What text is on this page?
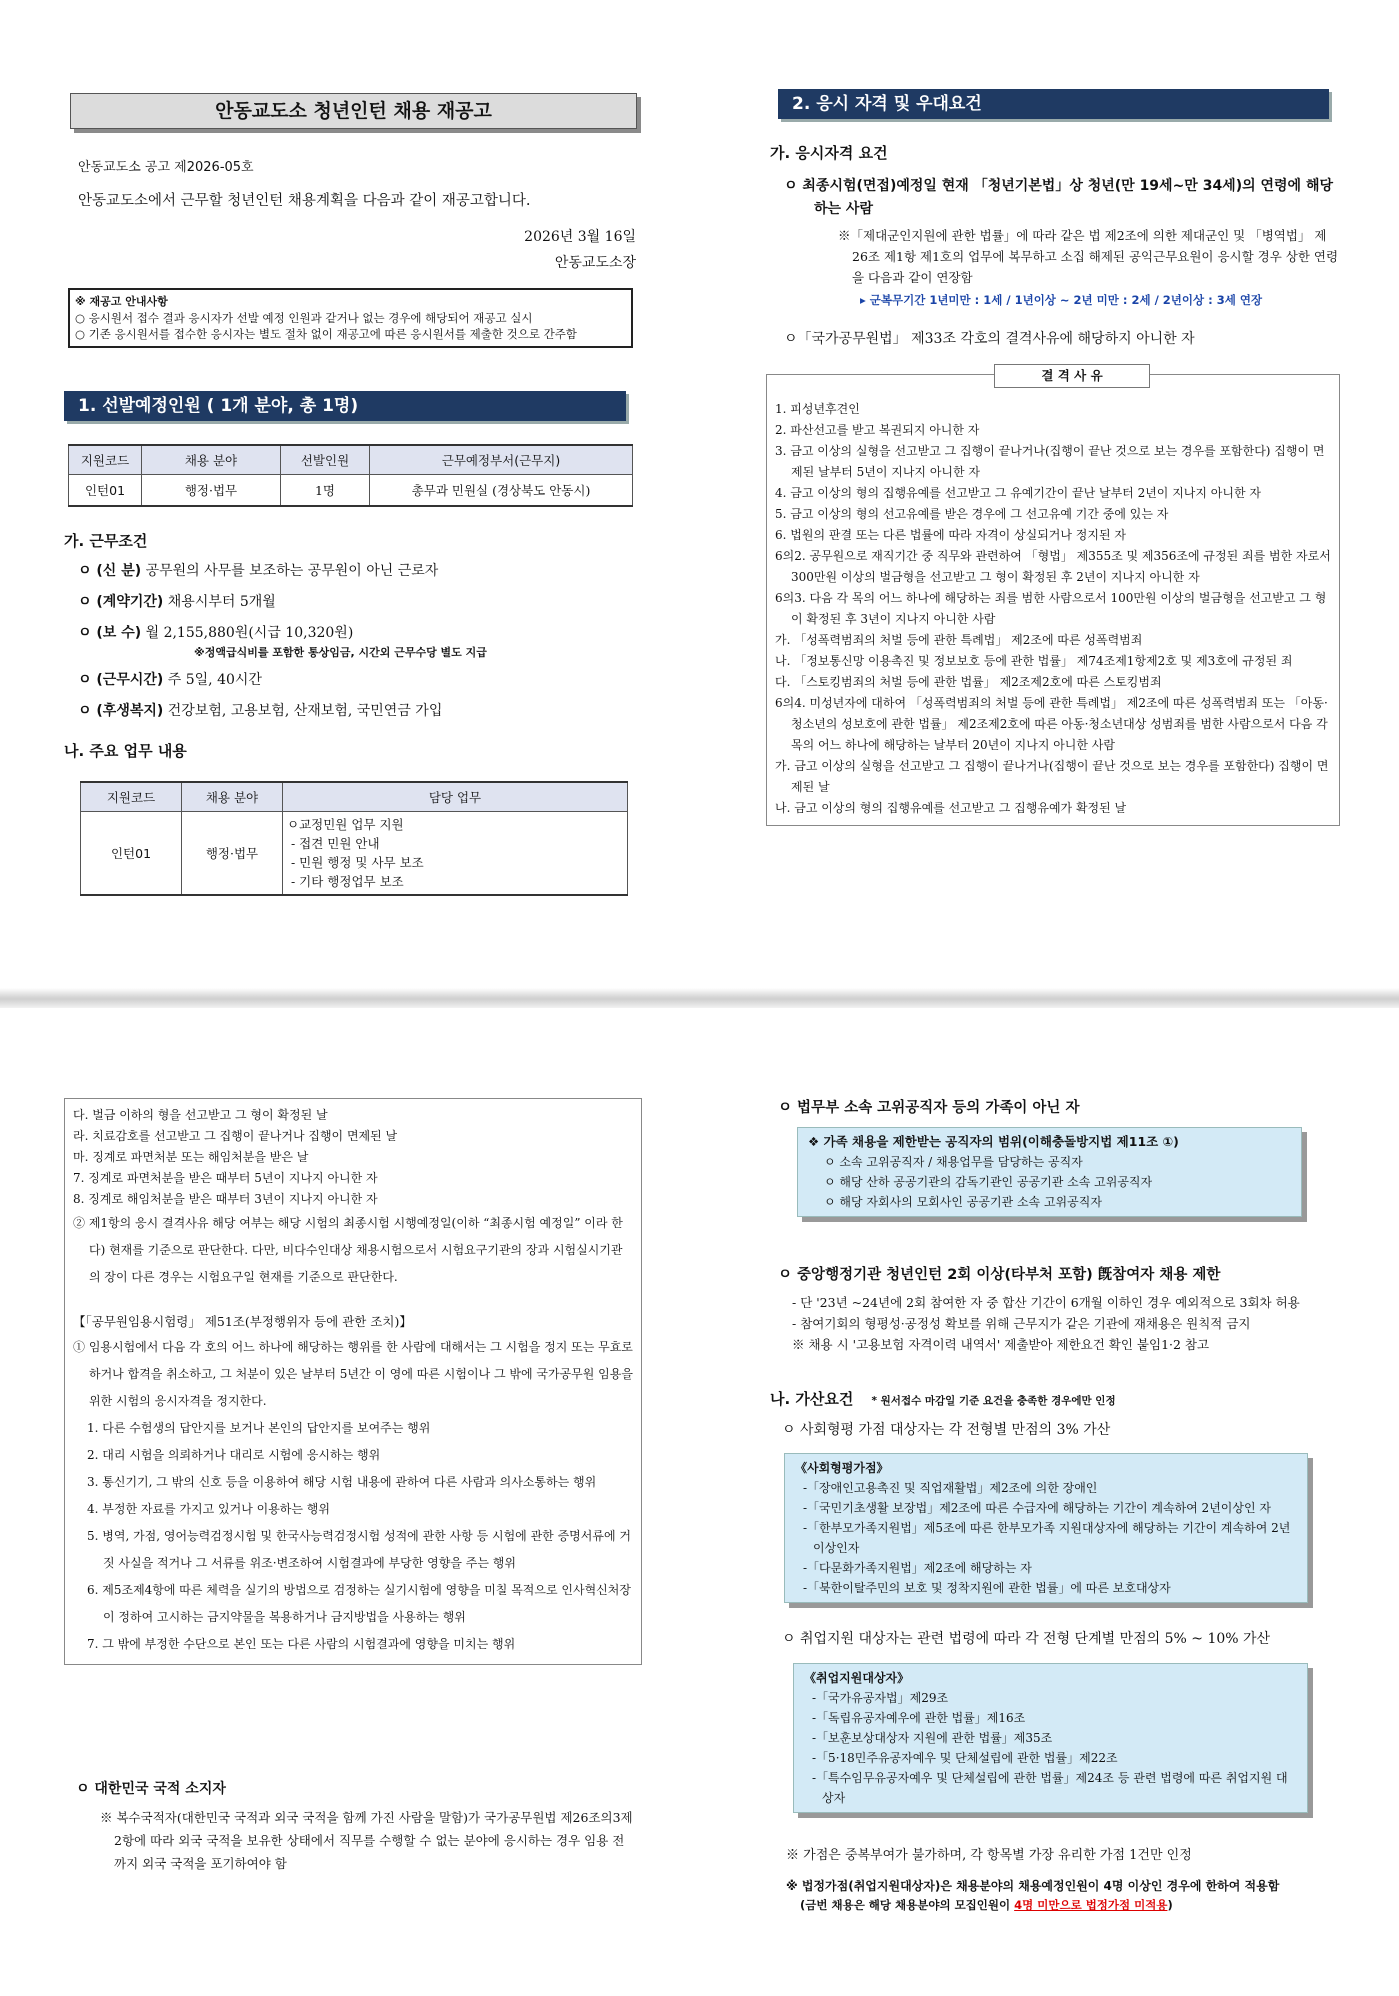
안동교도소 청년인턴 채용 재공고

안동교도소 공고 제2026-05호

안동교도소에서 근무할 청년인턴 채용계획을 다음과 같이 재공고합니다.

2026년 3월 16일

안동교도소장

※ 재공고 안내사항

○ 응시원서 접수 결과 응시자가 선발 예정 인원과 같거나 없는 경우에 해당되어 재공고 실시

○ 기존 응시원서를 접수한 응시자는 별도 절차 없이 재공고에 따른 응시원서를 제출한 것으로 간주함

1. 선발예정인원 ( 1개 분야, 총 1명)
지원코드	채용 분야	선발인원	근무예정부서(근무지)
인턴01	행정·법무	1명	총무과 민원실 (경상북도 안동시)

가. 근무조건

ㅇ (신 분) 공무원의 사무를 보조하는 공무원이 아닌 근로자

ㅇ (계약기간) 채용시부터 5개월

ㅇ (보 수) 월 2,155,880원(시급 10,320원)

※정액급식비를 포함한 통상임금, 시간외 근무수당 별도 지급

ㅇ (근무시간) 주 5일, 40시간

ㅇ (후생복지) 건강보험, 고용보험, 산재보험, 국민연금 가입

나. 주요 업무 내용

지원코드	채용 분야	담당 업무
인턴01	행정·법무	ㅇ교정민원 업무 지원
- 접견 민원 안내
- 민원 행정 및 사무 보조
- 기타 행정업무 보조
2. 응시 자격 및 우대요건

가. 응시자격 요건

ㅇ 최종시험(면접)예정일 현재 「청년기본법」상 청년(만 19세~만 34세)의 연령에 해당하는 사람

※「제대군인지원에 관한 법률」에 따라 같은 법 제2조에 의한 제대군인 및 「병역법」 제26조 제1항 제1호의 업무에 복무하고 소집 해제된 공익근무요원이 응시할 경우 상한 연령을 다음과 같이 연장함

▸ 군복무기간 1년미만 : 1세 / 1년이상 ~ 2년 미만 : 2세 / 2년이상 : 3세 연장

ㅇ「국가공무원법」 제33조 각호의 결격사유에 해당하지 아니한 자

결 격 사 유

1. 피성년후견인

2. 파산선고를 받고 복권되지 아니한 자

3. 금고 이상의 실형을 선고받고 그 집행이 끝나거나(집행이 끝난 것으로 보는 경우를 포함한다) 집행이 면제된 날부터 5년이 지나지 아니한 자

4. 금고 이상의 형의 집행유예를 선고받고 그 유예기간이 끝난 날부터 2년이 지나지 아니한 자

5. 금고 이상의 형의 선고유예를 받은 경우에 그 선고유예 기간 중에 있는 자

6. 법원의 판결 또는 다른 법률에 따라 자격이 상실되거나 정지된 자

6의2. 공무원으로 재직기간 중 직무와 관련하여 「형법」 제355조 및 제356조에 규정된 죄를 범한 자로서 300만원 이상의 벌금형을 선고받고 그 형이 확정된 후 2년이 지나지 아니한 자

6의3. 다음 각 목의 어느 하나에 해당하는 죄를 범한 사람으로서 100만원 이상의 벌금형을 선고받고 그 형이 확정된 후 3년이 지나지 아니한 사람

가. 「성폭력범죄의 처벌 등에 관한 특례법」 제2조에 따른 성폭력범죄

나. 「정보통신망 이용촉진 및 정보보호 등에 관한 법률」 제74조제1항제2호 및 제3호에 규정된 죄

다. 「스토킹범죄의 처벌 등에 관한 법률」 제2조제2호에 따른 스토킹범죄

6의4. 미성년자에 대하여 「성폭력범죄의 처벌 등에 관한 특례법」 제2조에 따른 성폭력범죄 또는 「아동·청소년의 성보호에 관한 법률」 제2조제2호에 따른 아동·청소년대상 성범죄를 범한 사람으로서 다음 각 목의 어느 하나에 해당하는 날부터 20년이 지나지 아니한 사람

가. 금고 이상의 실형을 선고받고 그 집행이 끝나거나(집행이 끝난 것으로 보는 경우를 포함한다) 집행이 면제된 날

나. 금고 이상의 형의 집행유예를 선고받고 그 집행유예가 확정된 날

다. 벌금 이하의 형을 선고받고 그 형이 확정된 날

라. 치료감호를 선고받고 그 집행이 끝나거나 집행이 면제된 날

마. 징계로 파면처분 또는 해임처분을 받은 날

7. 징계로 파면처분을 받은 때부터 5년이 지나지 아니한 자

8. 징계로 해임처분을 받은 때부터 3년이 지나지 아니한 자

② 제1항의 응시 결격사유 해당 여부는 해당 시험의 최종시험 시행예정일(이하 “최종시험 예정일” 이라 한다) 현재를 기준으로 판단한다. 다만, 비다수인대상 채용시험으로서 시험요구기관의 장과 시험실시기관의 장이 다른 경우는 시험요구일 현재를 기준으로 판단한다.

【「공무원임용시험령」 제51조(부정행위자 등에 관한 조치)】

① 임용시험에서 다음 각 호의 어느 하나에 해당하는 행위를 한 사람에 대해서는 그 시험을 정지 또는 무효로 하거나 합격을 취소하고, 그 처분이 있은 날부터 5년간 이 영에 따른 시험이나 그 밖에 국가공무원 임용을 위한 시험의 응시자격을 정지한다.

1. 다른 수험생의 답안지를 보거나 본인의 답안지를 보여주는 행위

2. 대리 시험을 의뢰하거나 대리로 시험에 응시하는 행위

3. 통신기기, 그 밖의 신호 등을 이용하여 해당 시험 내용에 관하여 다른 사람과 의사소통하는 행위

4. 부정한 자료를 가지고 있거나 이용하는 행위

5. 병역, 가점, 영어능력검정시험 및 한국사능력검정시험 성적에 관한 사항 등 시험에 관한 증명서류에 거짓 사실을 적거나 그 서류를 위조·변조하여 시험결과에 부당한 영향을 주는 행위

6. 제5조제4항에 따른 체력을 실기의 방법으로 검정하는 실기시험에 영향을 미칠 목적으로 인사혁신처장이 정하여 고시하는 금지약물을 복용하거나 금지방법을 사용하는 행위

7. 그 밖에 부정한 수단으로 본인 또는 다른 사람의 시험결과에 영향을 미치는 행위

ㅇ 대한민국 국적 소지자

※ 복수국적자(대한민국 국적과 외국 국적을 함께 가진 사람을 말함)가 국가공무원법 제26조의3제2항에 따라 외국 국적을 보유한 상태에서 직무를 수행할 수 없는 분야에 응시하는 경우 임용 전까지 외국 국적을 포기하여야 함

ㅇ 법무부 소속 고위공직자 등의 가족이 아닌 자

❖ 가족 채용을 제한받는 공직자의 범위(이해충돌방지법 제11조 ①)

ㅇ 소속 고위공직자 / 채용업무를 담당하는 공직자

ㅇ 해당 산하 공공기관의 감독기관인 공공기관 소속 고위공직자

ㅇ 해당 자회사의 모회사인 공공기관 소속 고위공직자

ㅇ 중앙행정기관 청년인턴 2회 이상(타부처 포함) 旣참여자 채용 제한

- 단 '23년 ~24년에 2회 참여한 자 중 합산 기간이 6개월 이하인 경우 예외적으로 3회차 허용

- 참여기회의 형평성·공정성 확보를 위해 근무지가 같은 기관에 재채용은 원칙적 금지

※ 채용 시 '고용보험 자격이력 내역서' 제출받아 제한요건 확인 붙임1·2 참고

나. 가산요건 * 원서접수 마감일 기준 요건을 충족한 경우에만 인정

ㅇ 사회형평 가점 대상자는 각 전형별 만점의 3% 가산

《사회형평가점》

-「장애인고용촉진 및 직업재활법」제2조에 의한 장애인

-「국민기초생활 보장법」제2조에 따른 수급자에 해당하는 기간이 계속하여 2년이상인 자

-「한부모가족지원법」제5조에 따른 한부모가족 지원대상자에 해당하는 기간이 계속하여 2년 이상인자

-「다문화가족지원법」제2조에 해당하는 자

-「북한이탈주민의 보호 및 정착지원에 관한 법률」에 따른 보호대상자

ㅇ 취업지원 대상자는 관련 법령에 따라 각 전형 단계별 만점의 5% ~ 10% 가산

《취업지원대상자》

-「국가유공자법」제29조

-「독립유공자예우에 관한 법률」제16조

-「보훈보상대상자 지원에 관한 법률」제35조

-「5·18민주유공자예우 및 단체설립에 관한 법률」제22조

-「특수임무유공자예우 및 단체설립에 관한 법률」제24조 등 관련 법령에 따른 취업지원 대상자

※ 가점은 중복부여가 불가하며, 각 항목별 가장 유리한 가점 1건만 인정

※ 법정가점(취업지원대상자)은 채용분야의 채용예정인원이 4명 이상인 경우에 한하여 적용함

(금번 채용은 해당 채용분야의 모집인원이 4명 미만으로 법정가점 미적용)
